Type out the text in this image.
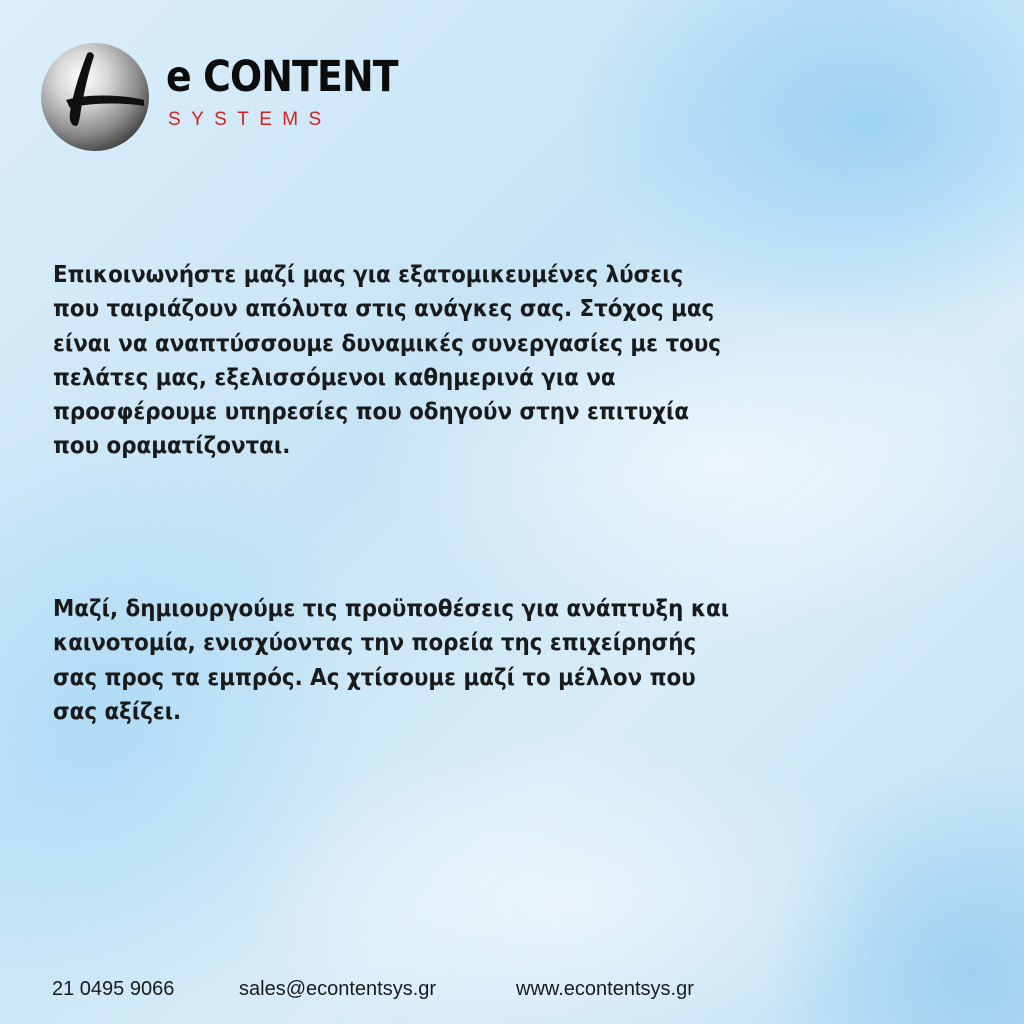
e CONTENT
SYSTEMS

Επικοινωνήστε μαζί μας για εξατομικευμένες λύσεις
που ταιριάζουν απόλυτα στις ανάγκες σας. Στόχος μας
είναι να αναπτύσσουμε δυναμικές συνεργασίες με τους
πελάτες μας, εξελισσόμενοι καθημερινά για να
προσφέρουμε υπηρεσίες που οδηγούν στην επιτυχία
που οραματίζονται.

Μαζί, δημιουργούμε τις προϋποθέσεις για ανάπτυξη και
καινοτομία, ενισχύοντας την πορεία της επιχείρησής
σας προς τα εμπρός. Ας χτίσουμε μαζί το μέλλον που
σας αξίζει.

21 0495 9066	sales@econtentsys.gr	www.econtentsys.gr
